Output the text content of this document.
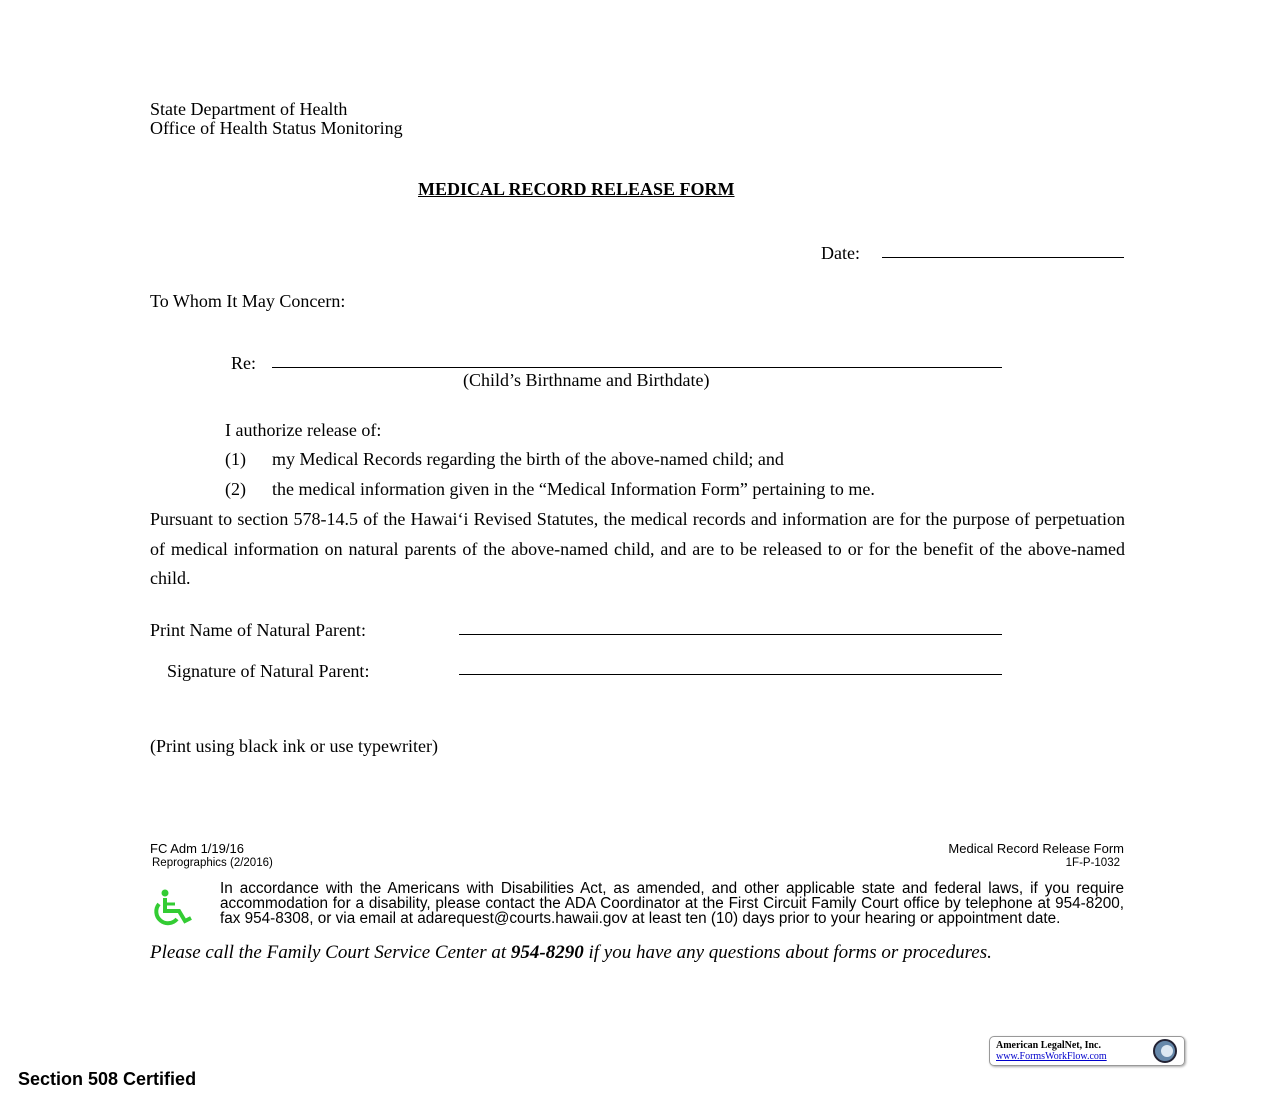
State Department of Health
Office of Health Status Monitoring
MEDICAL RECORD RELEASE FORM
Date:
To Whom It May Concern:
Re:
(Child’s Birthname and Birthdate)
I authorize release of:
(1) my Medical Records regarding the birth of the above-named child; and
(2) the medical information given in the “Medical Information Form” pertaining to me.
Pursuant to section 578-14.5 of the Hawai‘i Revised Statutes, the medical records and information are for the purpose of perpetuation of medical information on natural parents of the above-named child, and are to be released to or for the benefit of the above-named child.
Print Name of Natural Parent:
Signature of Natural Parent:
(Print using black ink or use typewriter)
FC Adm 1/19/16
Reprographics (2/2016)
Medical Record Release Form
1F-P-1032
In accordance with the Americans with Disabilities Act, as amended, and other applicable state and federal laws, if you require accommodation for a disability, please contact the ADA Coordinator at the First Circuit Family Court office by telephone at 954-8200, fax 954-8308, or via email at adarequest@courts.hawaii.gov at least ten (10) days prior to your hearing or appointment date.
Please call the Family Court Service Center at 954-8290 if you have any questions about forms or procedures.
American LegalNet, Inc.
www.FormsWorkFlow.com
Section 508 Certified
